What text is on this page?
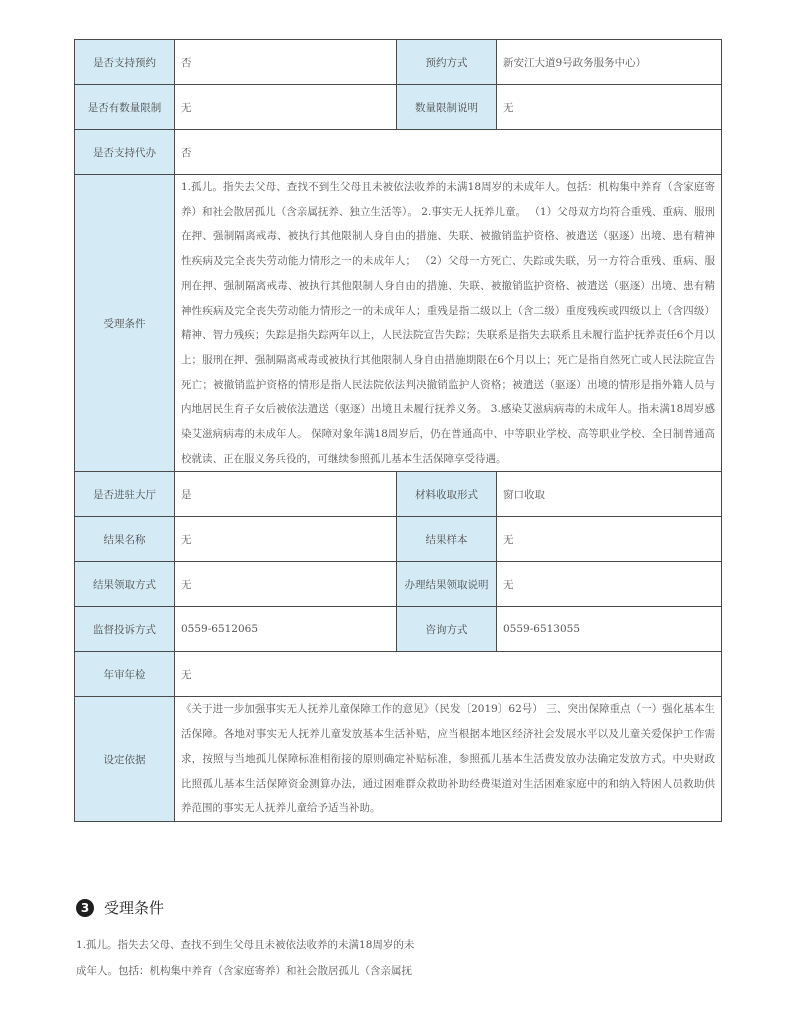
是否支持预约	否	预约方式	新安江大道9号政务服务中心）
是否有数量限制	无	数量限制说明	无
是否支持代办	否		
受理条件	1.孤儿。指失去父母、查找不到生父母且未被依法收养的未满18周岁的未成年人。包括：机构集中养育（含家庭寄养）和社会散居孤儿（含亲属抚养、独立生活等）。 2.事实无人抚养儿童。 （1）父母双方均符合重残、重病、服刑在押、强制隔离戒毒、被执行其他限制人身自由的措施、失联、被撤销监护资格、被遣送（驱逐）出境、患有精神性疾病及完全丧失劳动能力情形之一的未成年人； （2）父母一方死亡、失踪或失联，另一方符合重残、重病、服刑在押、强制隔离戒毒、被执行其他限制人身自由的措施、失联、被撤销监护资格、被遣送（驱逐）出境、患有精神性疾病及完全丧失劳动能力情形之一的未成年人；重残是指二级以上（含二级）重度残疾或四级以上（含四级）精神、智力残疾；失踪是指失踪两年以上，人民法院宣告失踪；失联系是指失去联系且未履行监护抚养责任6个月以上；服刑在押、强制隔离戒毒或被执行其他限制人身自由措施期限在6个月以上；死亡是指自然死亡或人民法院宣告死亡；被撤销监护资格的情形是指人民法院依法判决撤销监护人资格；被遣送（驱逐）出境的情形是指外籍人员与内地居民生育子女后被依法遣送（驱逐）出境且未履行抚养义务。 3.感染艾滋病病毒的未成年人。指未满18周岁感染艾滋病病毒的未成年人。 保障对象年满18周岁后，仍在普通高中、中等职业学校、高等职业学校、全日制普通高校就读、正在服义务兵役的，可继续参照孤儿基本生活保障享受待遇。		
是否进驻大厅	是	材料收取形式	窗口收取
结果名称	无	结果样本	无
结果领取方式	无	办理结果领取说明	无
监督投诉方式	0559-6512065	咨询方式	0559-6513055
年审年检	无		
设定依据	《关于进一步加强事实无人抚养儿童保障工作的意见》（民发〔2019〕62号） 三、突出保障重点（一）强化基本生活保障。各地对事实无人抚养儿童发放基本生活补贴，应当根据本地区经济社会发展水平以及儿童关爱保护工作需求，按照与当地孤儿保障标准相衔接的原则确定补贴标准，参照孤儿基本生活费发放办法确定发放方式。中央财政比照孤儿基本生活保障资金测算办法，通过困难群众救助补助经费渠道对生活困难家庭中的和纳入特困人员救助供养范围的事实无人抚养儿童给予适当补助。		
3 受理条件
1.孤儿。指失去父母、查找不到生父母且未被依法收养的未满18周岁的未
成年人。包括：机构集中养育（含家庭寄养）和社会散居孤儿（含亲属抚
